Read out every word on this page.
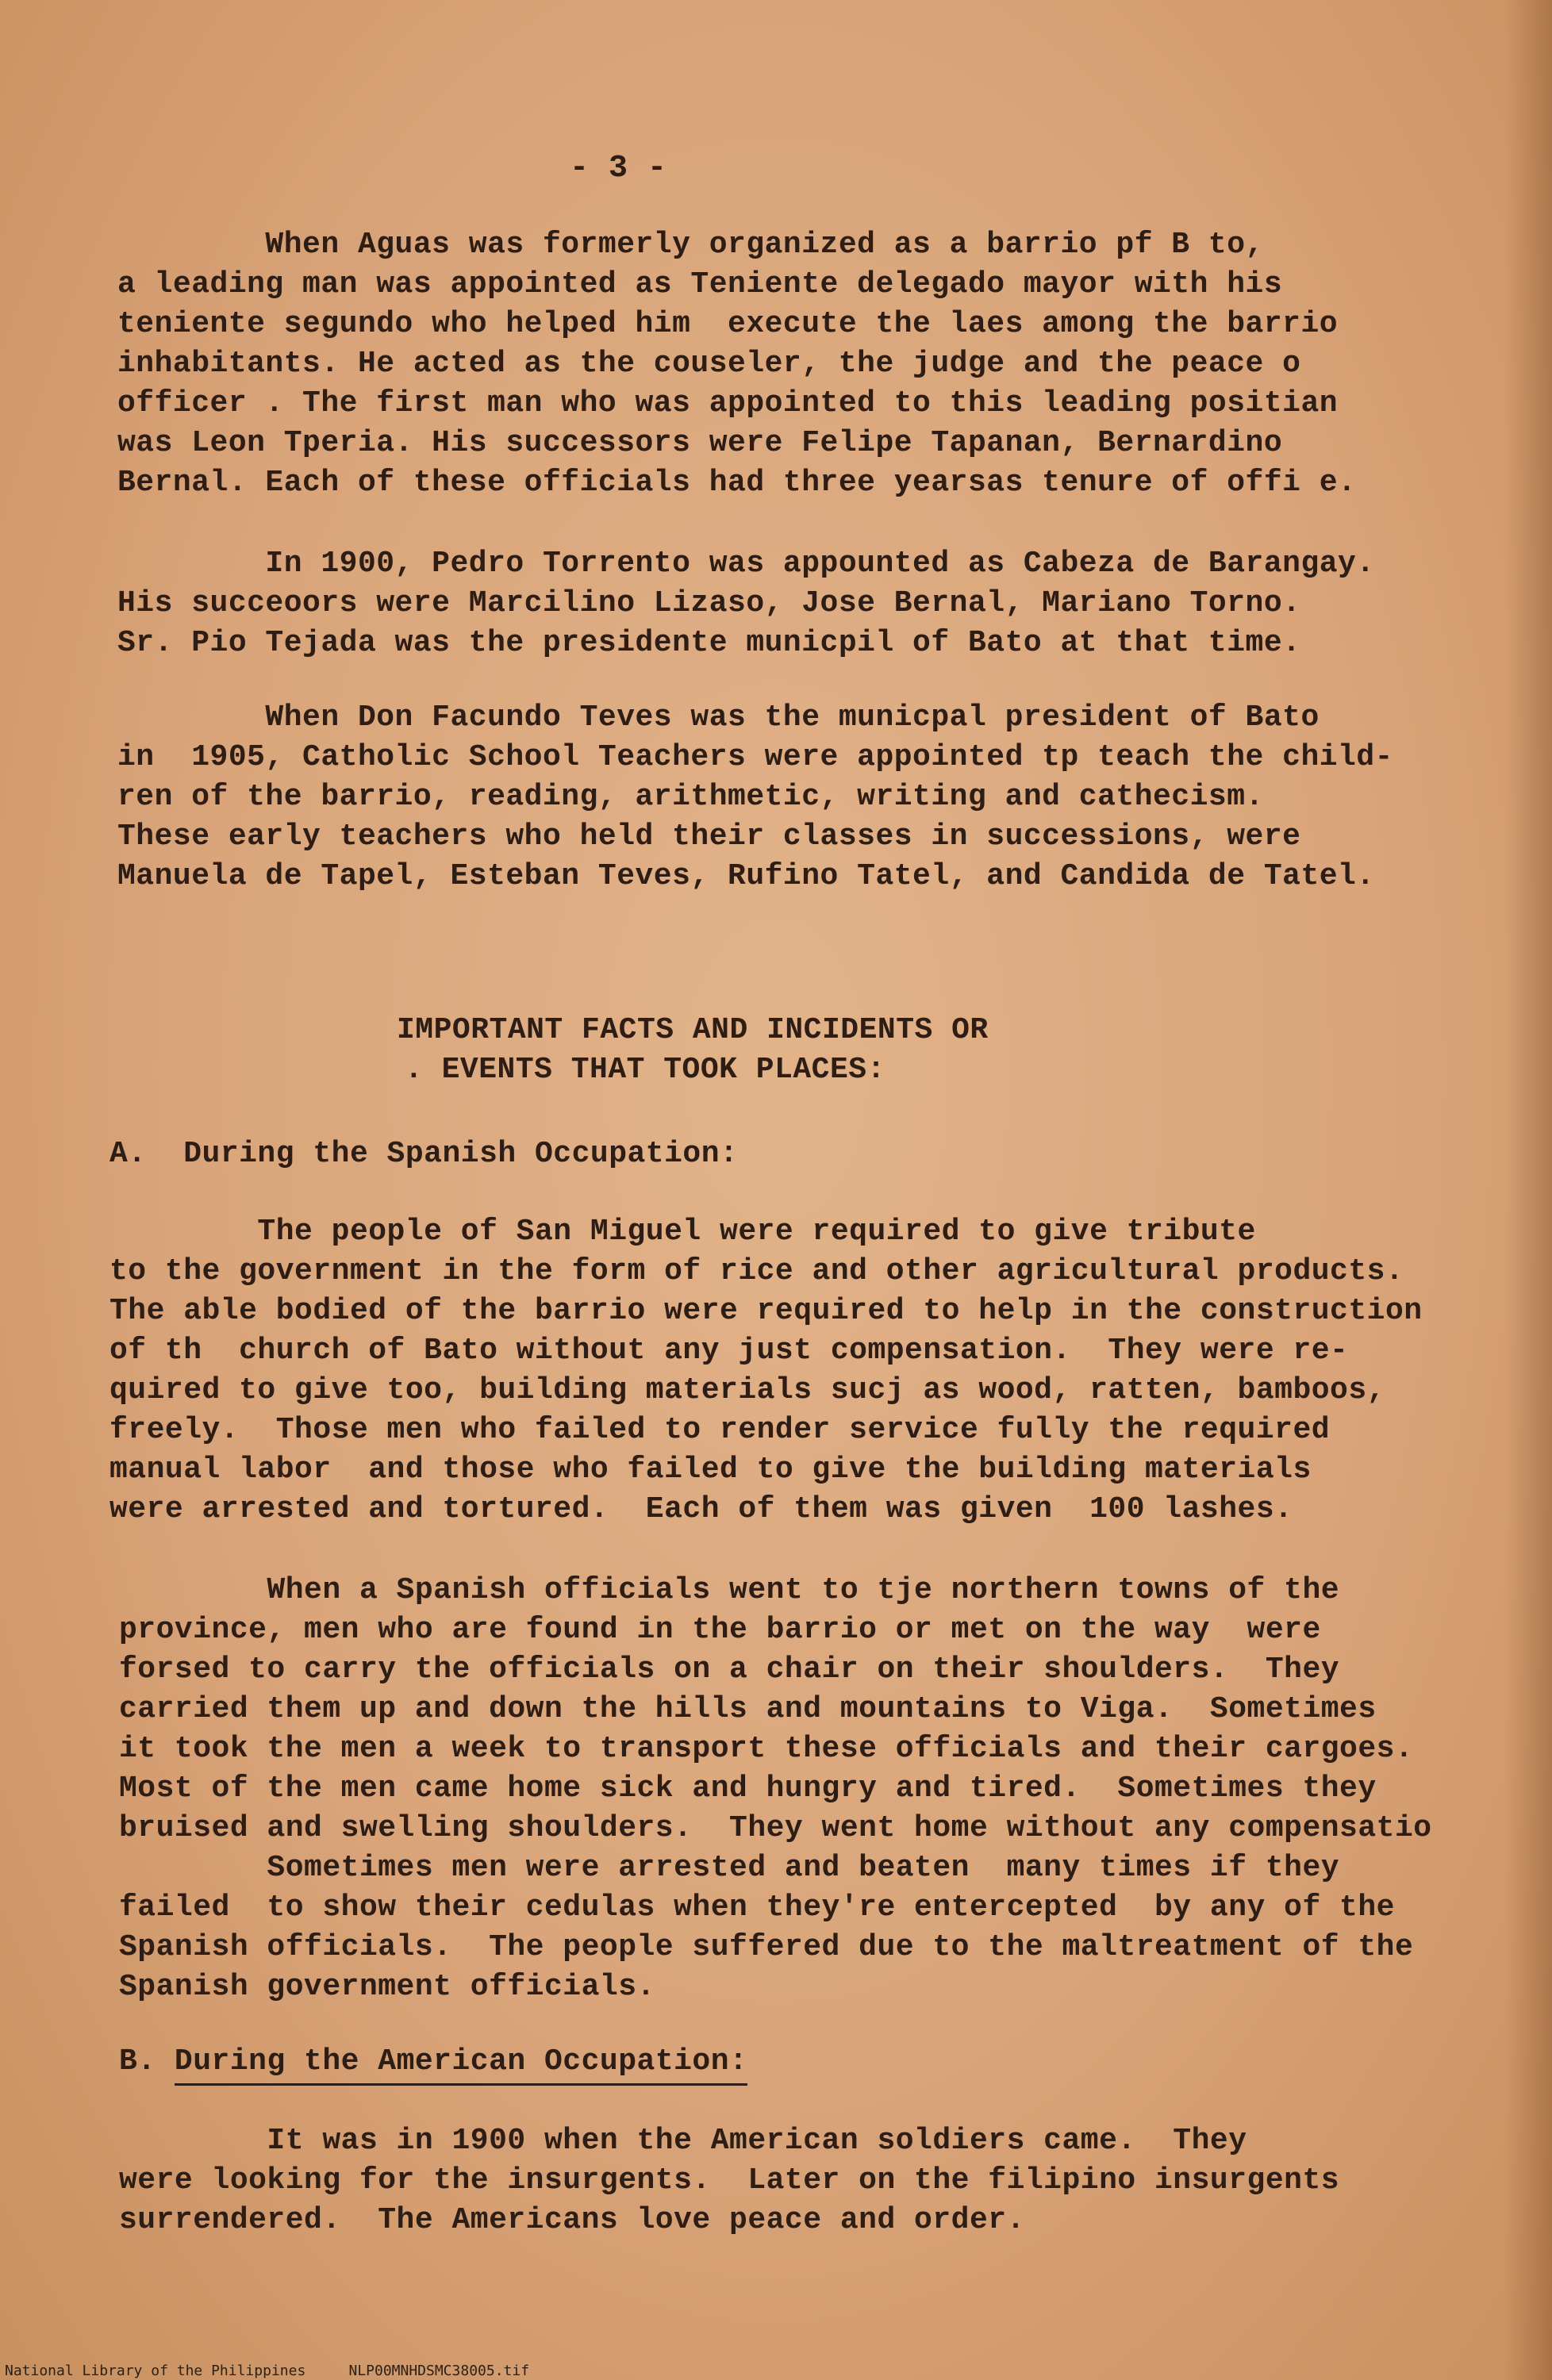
- 3 -
When Aguas was formerly organized as a barrio pf B to,
a leading man was appointed as Teniente delegado mayor with his
teniente segundo who helped him  execute the laes among the barrio
inhabitants. He acted as the couseler, the judge and the peace o
officer . The first man who was appointed to this leading positian
was Leon Tperia. His successors were Felipe Tapanan, Bernardino
Bernal. Each of these officials had three yearsas tenure of offi e.
In 1900, Pedro Torrento was appounted as Cabeza de Barangay.
His succeoors were Marcilino Lizaso, Jose Bernal, Mariano Torno.
Sr. Pio Tejada was the presidente municpil of Bato at that time.
When Don Facundo Teves was the municpal president of Bato
in  1905, Catholic School Teachers were appointed tp teach the child-
ren of the barrio, reading, arithmetic, writing and cathecism.
These early teachers who held their classes in successions, were
Manuela de Tapel, Esteban Teves, Rufino Tatel, and Candida de Tatel.
IMPORTANT FACTS AND INCIDENTS OR
. EVENTS THAT TOOK PLACES:
A.  During the Spanish Occupation:
The people of San Miguel were required to give tribute
to the government in the form of rice and other agricultural products.
The able bodied of the barrio were required to help in the construction
of th  church of Bato without any just compensation.  They were re-
quired to give too, building materials sucj as wood, ratten, bamboos,
freely.  Those men who failed to render service fully the required
manual labor  and those who failed to give the building materials
were arrested and tortured.  Each of them was given  100 lashes.
When a Spanish officials went to tje northern towns of the
province, men who are found in the barrio or met on the way  were
forsed to carry the officials on a chair on their shoulders.  They
carried them up and down the hills and mountains to Viga.  Sometimes
it took the men a week to transport these officials and their cargoes.
Most of the men came home sick and hungry and tired.  Sometimes they
bruised and swelling shoulders.  They went home without any compensatio
Sometimes men were arrested and beaten  many times if they
failed  to show their cedulas when they're entercepted  by any of the
Spanish officials.  The people suffered due to the maltreatment of the
Spanish government officials.
B. During the American Occupation:
It was in 1900 when the American soldiers came.  They
were looking for the insurgents.  Later on the filipino insurgents
surrendered.  The Americans love peace and order.
National Library of the Philippines     NLP00MNHDSMC38005.tif
